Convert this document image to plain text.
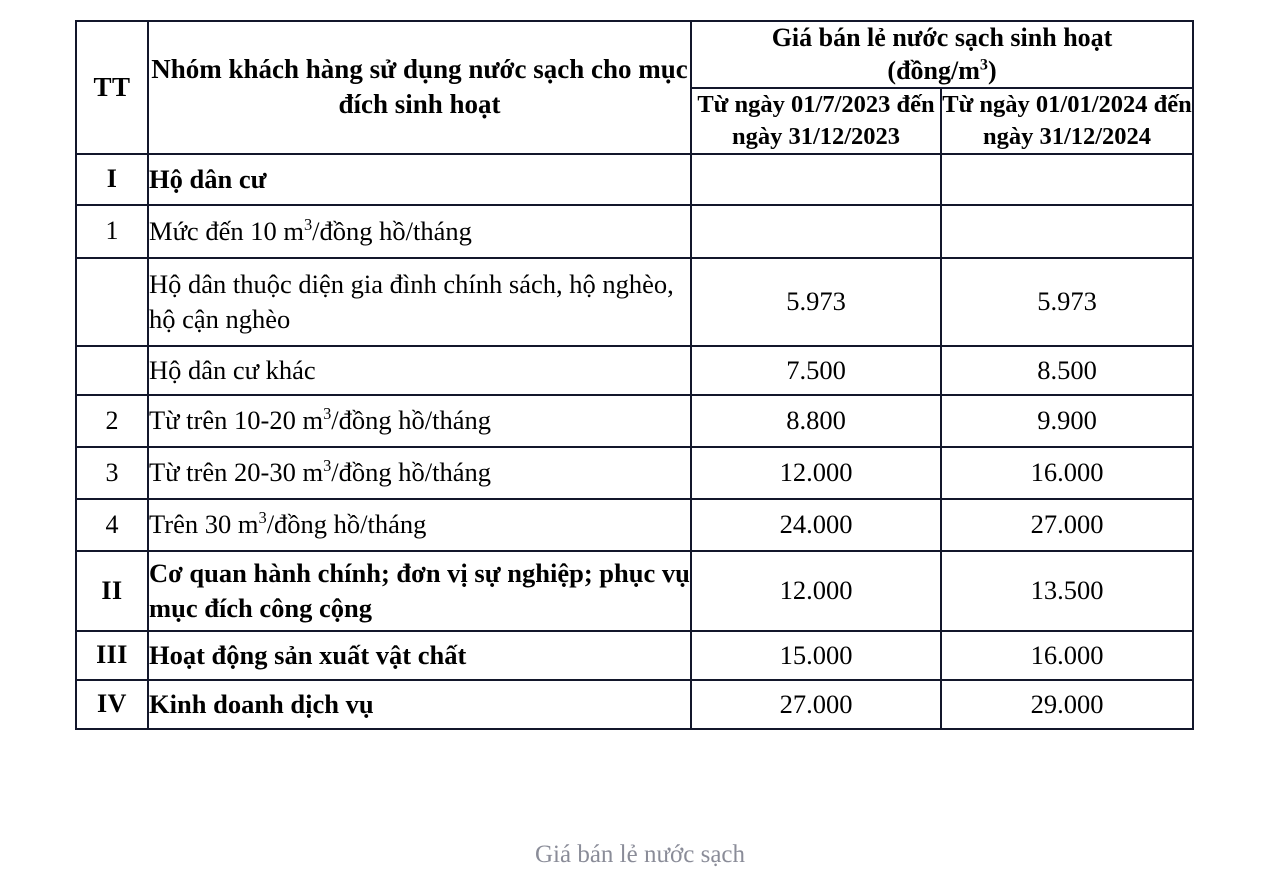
TT	Nhóm khách hàng sử dụng nước sạch cho mục đích sinh hoạt	Giá bán lẻ nước sạch sinh hoạt
$(đồng/m^3)$	

		Từ ngày 01/7/2023 đến ngày 31/12/2023	Từ ngày 01/01/2024 đến ngày 31/12/2024
I	Hộ dân cư		
1	Mức đến 10 $m^3$/đồng hồ/tháng		
	Hộ dân thuộc diện gia đình chính sách, hộ nghèo, hộ cận nghèo	5.973	5.973
	Hộ dân cư khác	7.500	8.500
2	Từ trên 10-20 $m^3$/đồng hồ/tháng	8.800	9.900
3	Từ trên 20-30 $m^3$/đồng hồ/tháng	12.000	16.000
4	Trên 30 $m^3$/đồng hồ/tháng	24.000	27.000
II	Cơ quan hành chính; đơn vị sự nghiệp; phục vụ mục đích công cộng	12.000	13.500
III	Hoạt động sản xuất vật chất	15.000	16.000
IV	Kinh doanh dịch vụ	27.000	29.000
Giá bán lẻ nước sạch
